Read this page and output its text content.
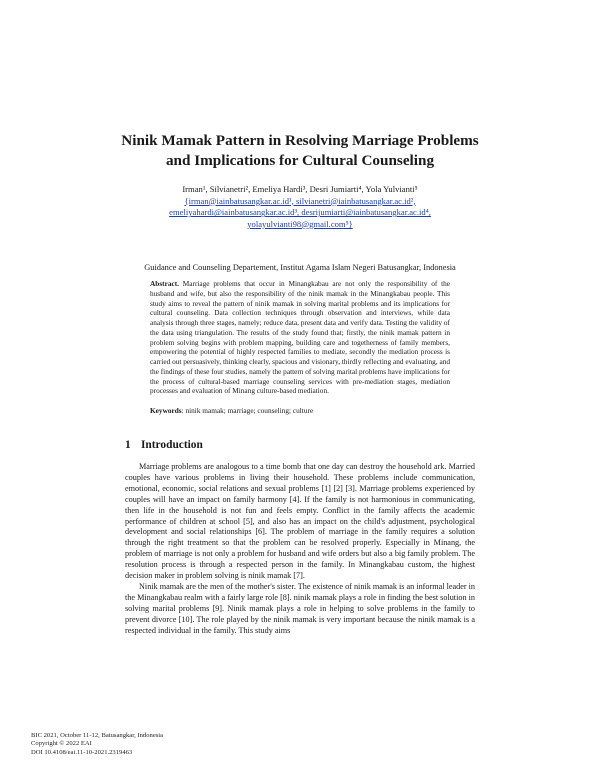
Ninik Mamak Pattern in Resolving Marriage Problems
and Implications for Cultural Counseling
Irman¹, Silvianetri², Emeliya Hardi³, Desri Jumiarti⁴, Yola Yulvianti⁵
{irman@iainbatusangkar.ac.id¹, silvianetri@iainbatusangkar.ac.id²,
emeliyahardi@iainbatusangkar.ac.id³, desrijumiarti@iainbatusangkar.ac.id⁴,
yolayulvianti98@gmail.com⁵}
Guidance and Counseling Departement, Institut Agama Islam Negeri Batusangkar, Indonesia

Abstract. Marriage problems that occur in Minangkabau are not only the responsibility of the husband and wife, but also the responsibility of the ninik mamak in the Minangkabau people. This study aims to reveal the pattern of ninik mamak in solving marital problems and its implications for cultural counseling. Data collection techniques through observation and interviews, while data analysis through three stages, namely; reduce data, present data and verify data. Testing the validity of the data using triangulation. The results of the study found that; firstly, the ninik mamak pattern in problem solving begins with problem mapping, building care and togetherness of family members, empowering the potential of highly respected families to mediate, secondly the mediation process is carried out persuasively, thinking clearly, spacious and visionary, thirdly reflecting and evaluating, and the findings of these four studies, namely the pattern of solving marital problems have implications for the process of cultural-based marriage counseling services with pre-mediation stages, mediation processes and evaluation of Minang culture-based mediation.

Keywords: ninik mamak; marriage; counseling; culture
1 Introduction

Marriage problems are analogous to a time bomb that one day can destroy the household ark. Married couples have various problems in living their household. These problems include communication, emotional, economic, social relations and sexual problems [1] [2] [3]. Marriage problems experienced by couples will have an impact on family harmony [4]. If the family is not harmonious in communicating, then life in the household is not fun and feels empty. Conflict in the family affects the academic performance of children at school [5], and also has an impact on the child's adjustment, psychological development and social relationships [6]. The problem of marriage in the family requires a solution through the right treatment so that the problem can be resolved properly. Especially in Minang, the problem of marriage is not only a problem for husband and wife orders but also a big family problem. The resolution process is through a respected person in the family. In Minangkabau custom, the highest decision maker in problem solving is ninik mamak [7].

Ninik mamak are the men of the mother's sister. The existence of ninik mamak is an informal leader in the Minangkabau realm with a fairly large role [8]. ninik mamak plays a role in finding the best solution in solving marital problems [9]. Ninik mamak plays a role in helping to solve problems in the family to prevent divorce [10]. The role played by the ninik mamak is very important because the ninik mamak is a respected individual in the family. This study aims

BIC 2021, October 11-12, Batusangkar, Indonesia
Copyright © 2022 EAI
DOI 10.4108/eai.11-10-2021.2319463
